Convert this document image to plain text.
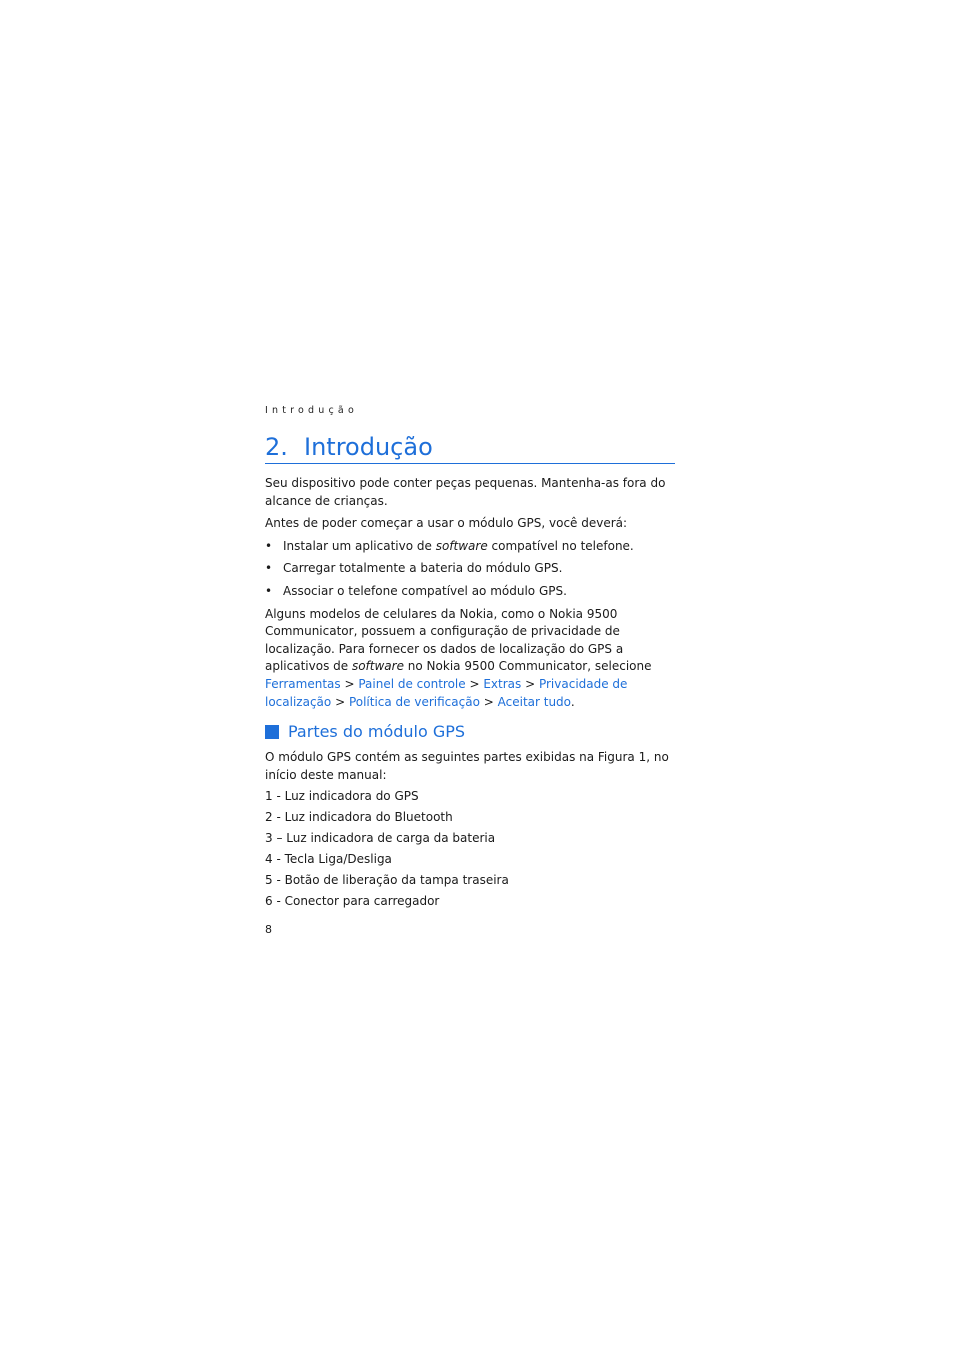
Introdução
2. Introdução

Seu dispositivo pode conter peças pequenas. Mantenha-as fora do alcance de crianças.

Antes de poder começar a usar o módulo GPS, você deverá:

• Instalar um aplicativo de software compatível no telefone.
• Carregar totalmente a bateria do módulo GPS.
• Associar o telefone compatível ao módulo GPS.

Alguns modelos de celulares da Nokia, como o Nokia 9500 Communicator, possuem a configuração de privacidade de localização. Para fornecer os dados de localização do GPS a aplicativos de software no Nokia 9500 Communicator, selecione Ferramentas > Painel de controle > Extras > Privacidade de localização > Política de verificação > Aceitar tudo.

Partes do módulo GPS

O módulo GPS contém as seguintes partes exibidas na Figura 1, no início deste manual:

1 - Luz indicadora do GPS

2 - Luz indicadora do Bluetooth

3 – Luz indicadora de carga da bateria

4 - Tecla Liga/Desliga

5 - Botão de liberação da tampa traseira

6 - Conector para carregador

8
